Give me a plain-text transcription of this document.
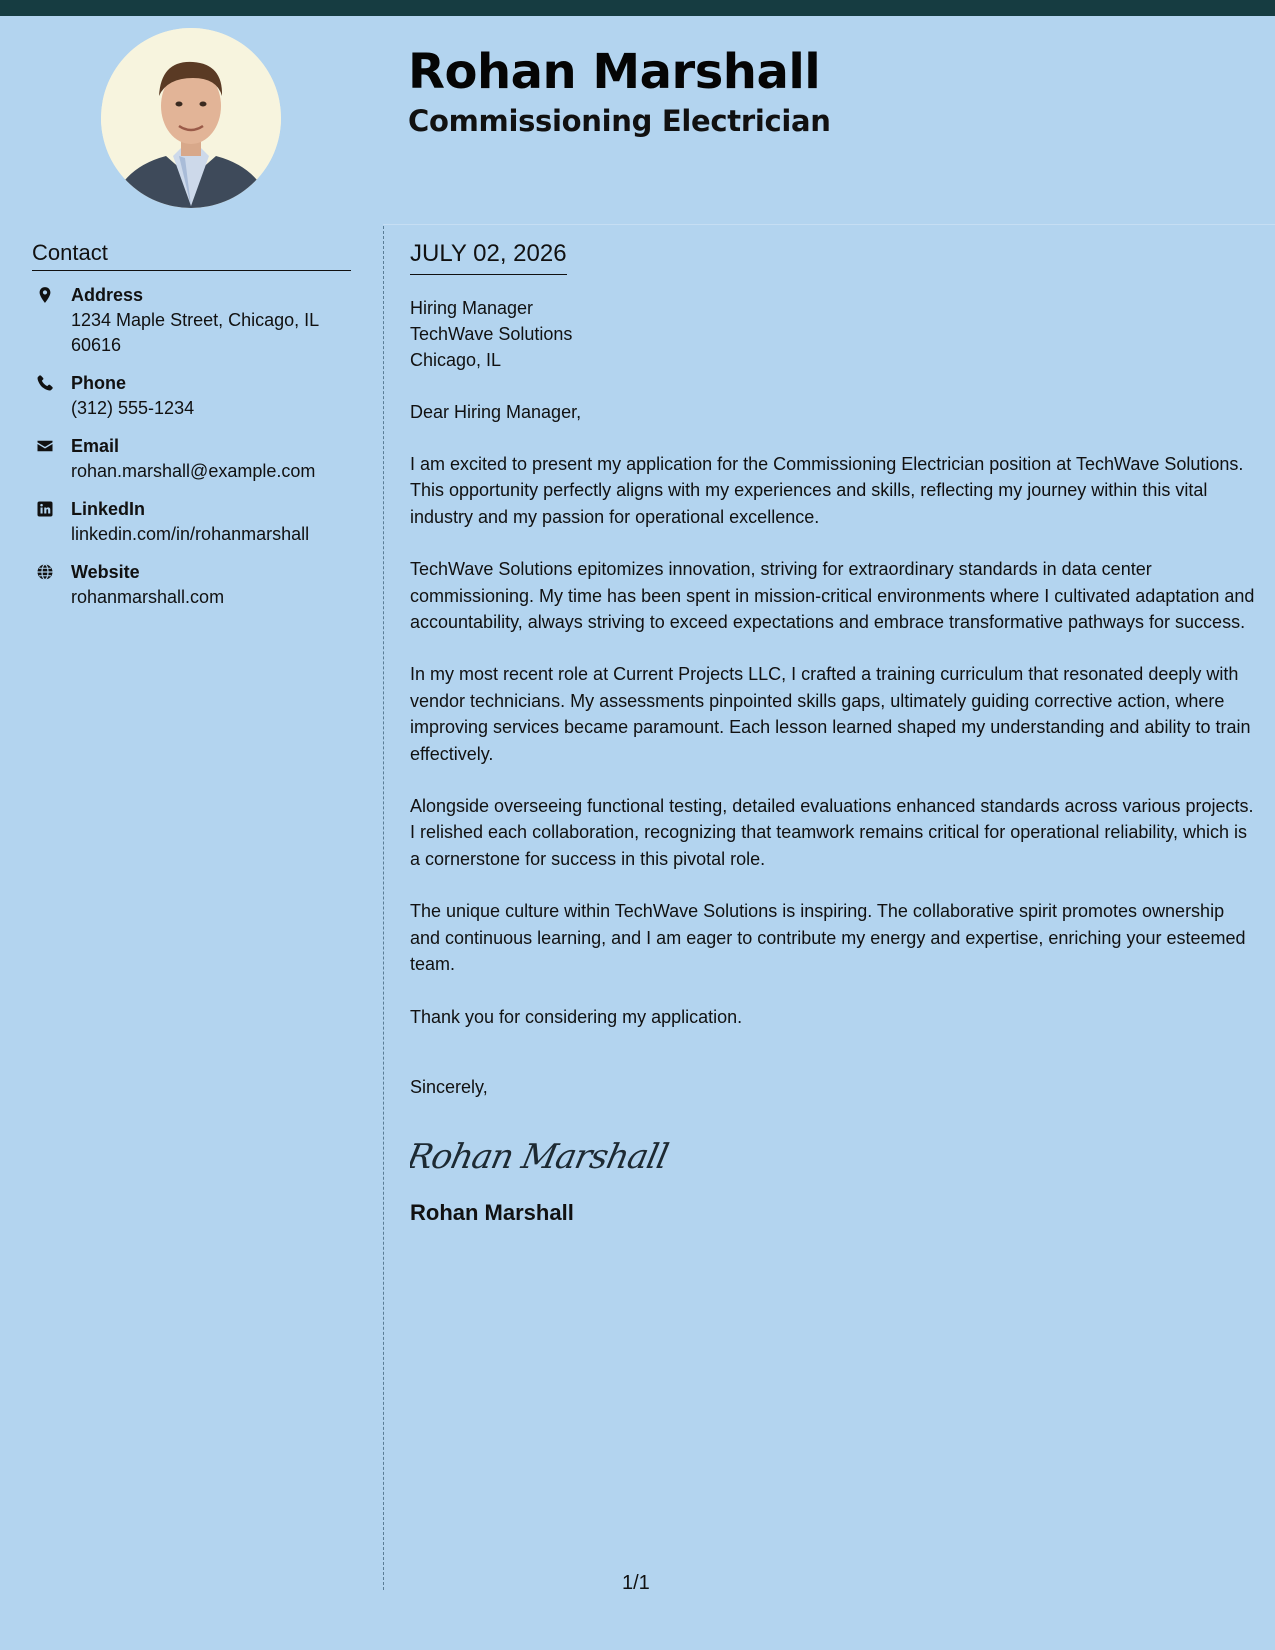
Rohan Marshall
Commissioning Electrician
Contact
Address
1234 Maple Street, Chicago, IL 60616
Phone
(312) 555-1234
Email
rohan.marshall@example.com
LinkedIn
linkedin.com/in/rohanmarshall
Website
rohanmarshall.com
JULY 02, 2026
Hiring Manager
TechWave Solutions
Chicago, IL
Dear Hiring Manager,
I am excited to present my application for the Commissioning Electrician position at TechWave Solutions. This opportunity perfectly aligns with my experiences and skills, reflecting my journey within this vital industry and my passion for operational excellence.
TechWave Solutions epitomizes innovation, striving for extraordinary standards in data center commissioning. My time has been spent in mission-critical environments where I cultivated adaptation and accountability, always striving to exceed expectations and embrace transformative pathways for success.
In my most recent role at Current Projects LLC, I crafted a training curriculum that resonated deeply with vendor technicians. My assessments pinpointed skills gaps, ultimately guiding corrective action, where improving services became paramount. Each lesson learned shaped my understanding and ability to train effectively.
Alongside overseeing functional testing, detailed evaluations enhanced standards across various projects. I relished each collaboration, recognizing that teamwork remains critical for operational reliability, which is a cornerstone for success in this pivotal role.
The unique culture within TechWave Solutions is inspiring. The collaborative spirit promotes ownership and continuous learning, and I am eager to contribute my energy and expertise, enriching your esteemed team.
Thank you for considering my application.
Sincerely,
Rohan Marshall
Rohan Marshall
1/1
